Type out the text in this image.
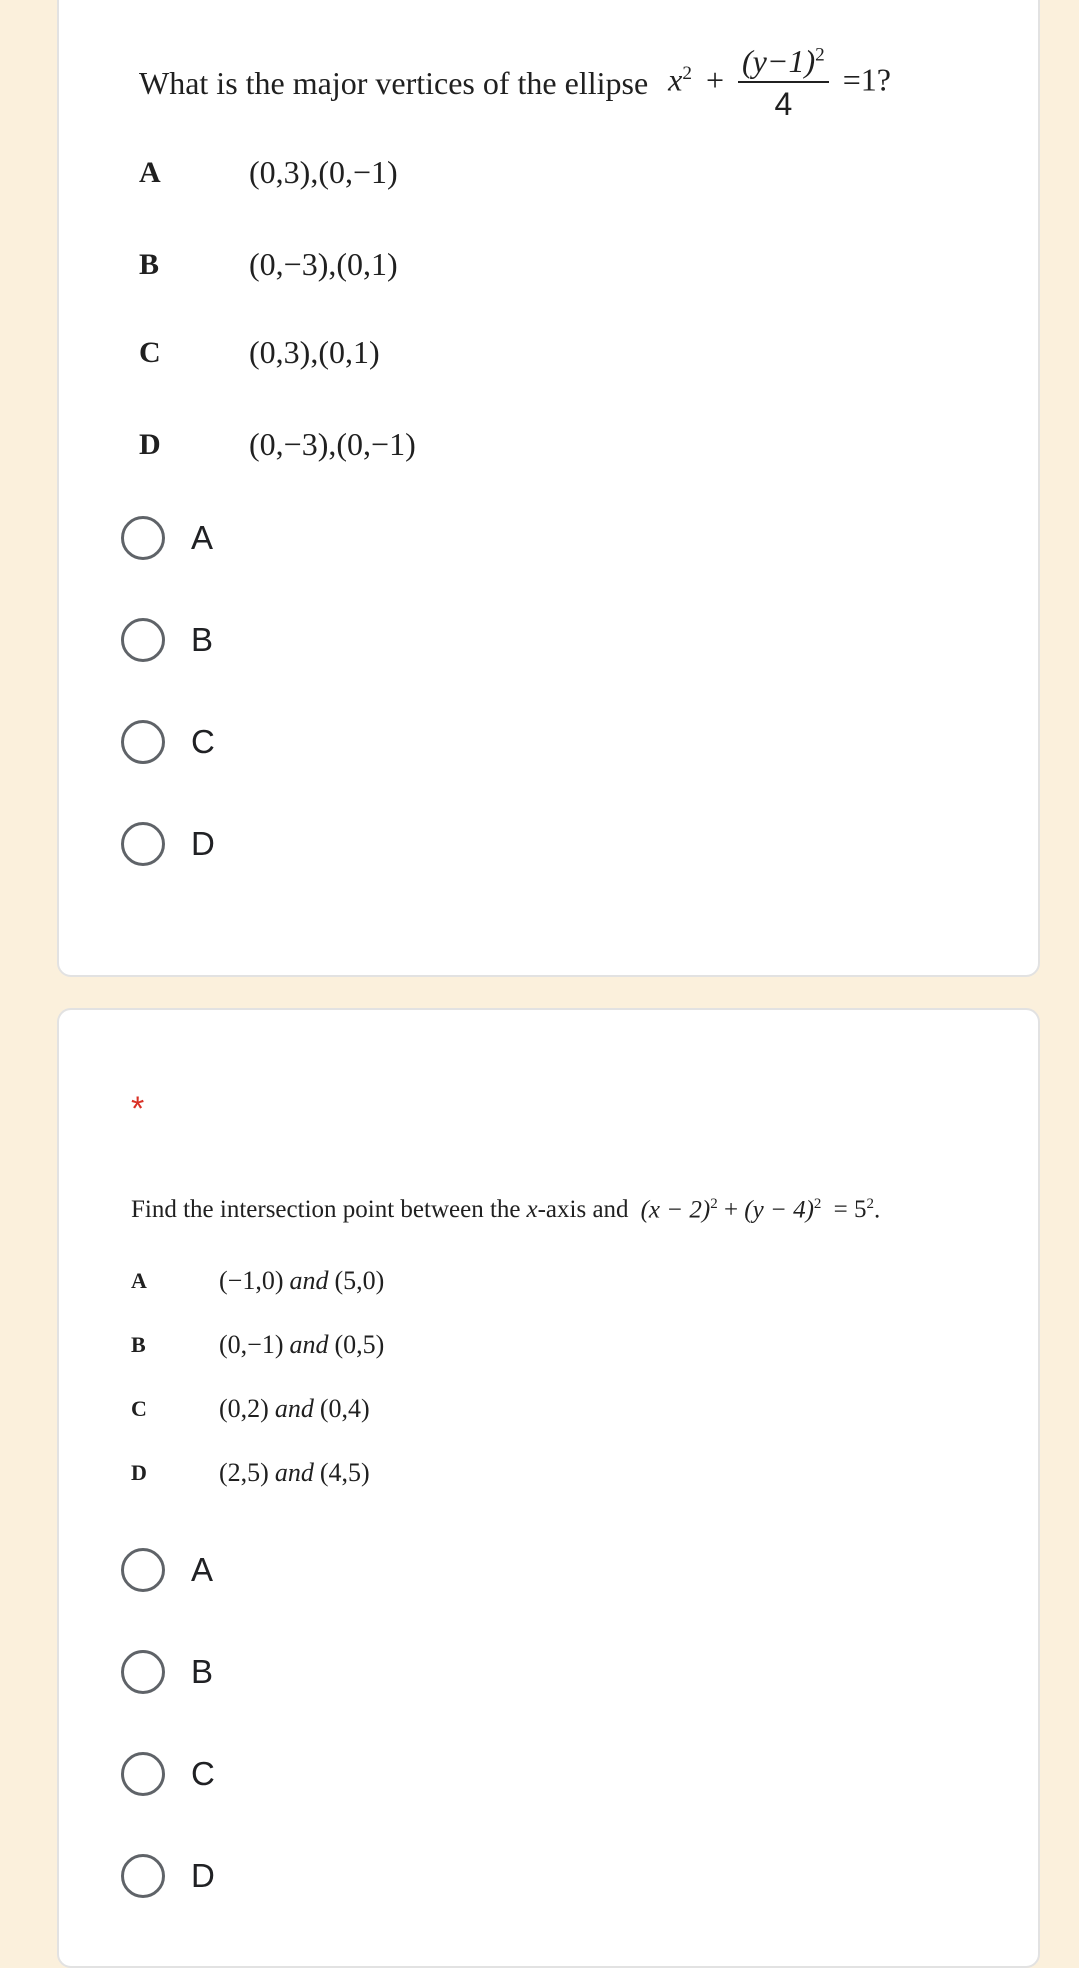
What is the major vertices of the ellipse $x^2 + \frac{(y-1)^2}{4} =1$?
A	(0,3),(0,−1)
B	(0,−3),(0,1)
C	(0,3),(0,1)
D	(0,−3),(0,−1)
A
B
C
D
*
Find the intersection point between the x -axis and $(x - 2)^2 + (y - 4)^2 = 5^2$.
A	(−1,0) and (5,0)
B	(0,−1) and (0,5)
C	(0,2) and (0,4)
D	(2,5) and (4,5)
A
B
C
D
